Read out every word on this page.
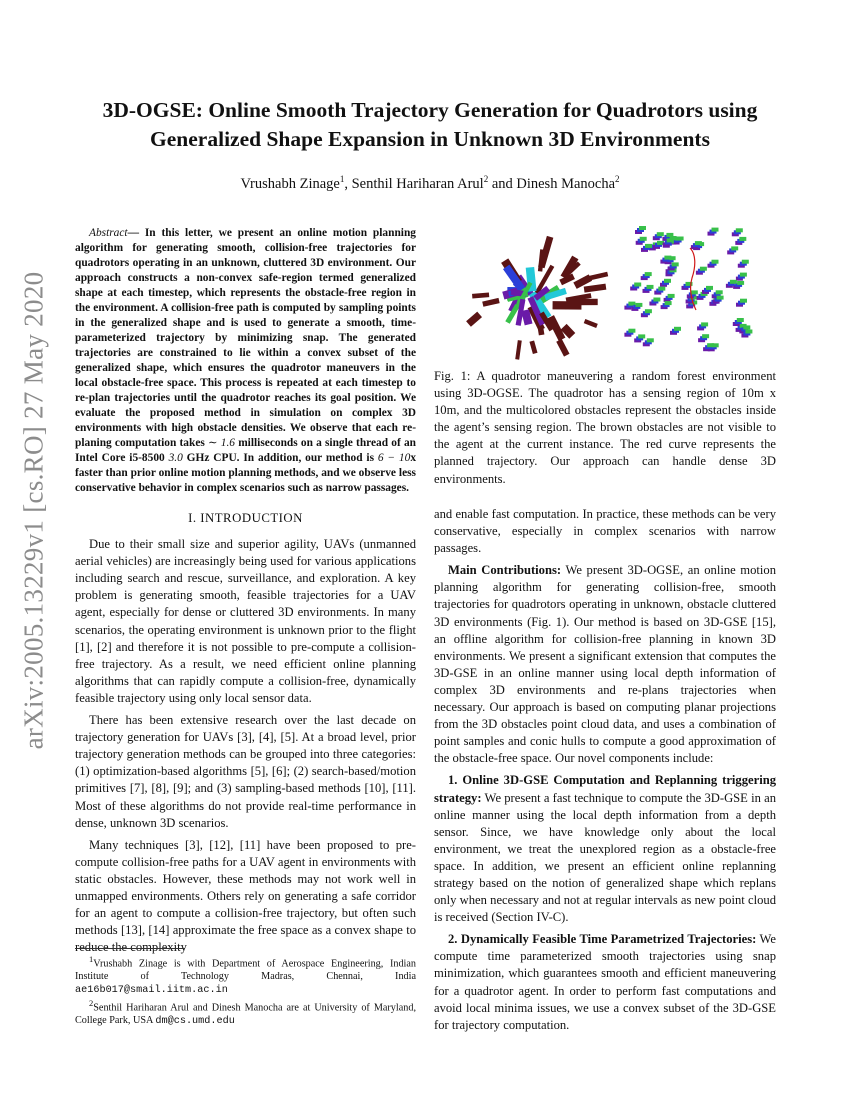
arXiv:2005.13229v1 [cs.RO] 27 May 2020
3D-OGSE: Online Smooth Trajectory Generation for Quadrotors using Generalized Shape Expansion in Unknown 3D Environments
Vrushabh Zinage$^1$, Senthil Hariharan Arul$^2$ and Dinesh Manocha$^2$

Abstract— In this letter, we present an online motion planning algorithm for generating smooth, collision-free trajectories for quadrotors operating in an unknown, cluttered 3D environment. Our approach constructs a non-convex safe-region termed generalized shape at each timestep, which represents the obstacle-free region in the environment. A collision-free path is computed by sampling points in the generalized shape and is used to generate a smooth, time-parameterized trajectory by minimizing snap. The generated trajectories are constrained to lie within a convex subset of the generalized shape, which ensures the quadrotor maneuvers in the local obstacle-free space. This process is repeated at each timestep to re-plan trajectories until the quadrotor reaches its goal position. We evaluate the proposed method in simulation on complex 3D environments with high obstacle densities. We observe that each re-planing computation takes ∼ 1.6 milliseconds on a single thread of an Intel Core i5-8500 3.0 GHz CPU. In addition, our method is 6 − 10x faster than prior online motion planning methods, and we observe less conservative behavior in complex scenarios such as narrow passages.

I. INTRODUCTION

Due to their small size and superior agility, UAVs (unmanned aerial vehicles) are increasingly being used for various applications including search and rescue, surveillance, and exploration. A key problem is generating smooth, feasible trajectories for a UAV agent, especially for dense or cluttered 3D environments. In many scenarios, the operating environment is unknown prior to the flight [1], [2] and therefore it is not possible to pre-compute a collision-free trajectory. As a result, we need efficient online planning algorithms that can rapidly compute a collision-free, dynamically feasible trajectory using only local sensor data.

There has been extensive research over the last decade on trajectory generation for UAVs [3], [4], [5]. At a broad level, prior trajectory generation methods can be grouped into three categories: (1) optimization-based algorithms [5], [6]; (2) search-based/motion primitives [7], [8], [9]; and (3) sampling-based methods [10], [11]. Most of these algorithms do not provide real-time performance in dense, unknown 3D scenarios.

Many techniques [3], [12], [11] have been proposed to pre-compute collision-free paths for a UAV agent in environments with static obstacles. However, these methods may not work well in unmapped environments. Others rely on generating a safe corridor for an agent to compute a collision-free trajectory, but often such methods [13], [14] approximate the free space as a convex shape to reduce the complexity

$^1$Vrushabh Zinage is with Department of Aerospace Engineering, Indian Institute of Technology Madras, Chennai, India ae16b017@smail.iitm.ac.in

$^2$Senthil Hariharan Arul and Dinesh Manocha are at University of Maryland, College Park, USA dm@cs.umd.edu

Fig. 1: A quadrotor maneuvering a random forest environment using 3D-OGSE. The quadrotor has a sensing region of 10m x 10m, and the multicolored obstacles represent the obstacles inside the agent’s sensing region. The brown obstacles are not visible to the agent at the current instance. The red curve represents the planned trajectory. Our approach can handle dense 3D environments.

and enable fast computation. In practice, these methods can be very conservative, especially in complex scenarios with narrow passages.

Main Contributions: We present 3D-OGSE, an online motion planning algorithm for generating collision-free, smooth trajectories for quadrotors operating in unknown, obstacle cluttered 3D environments (Fig. 1). Our method is based on 3D-GSE [15], an offline algorithm for collision-free planning in known 3D environments. We present a significant extension that computes the 3D-GSE in an online manner using local depth information of complex 3D environments and re-plans trajectories when necessary. Our approach is based on computing planar projections from the 3D obstacles point cloud data, and uses a combination of point samples and conic hulls to compute a good approximation of the obstacle-free space. Our novel components include:

1. Online 3D-GSE Computation and Replanning triggering strategy: We present a fast technique to compute the 3D-GSE in an online manner using the local depth information from a depth sensor. Since, we have knowledge only about the local environment, we treat the unexplored region as a obstacle-free space. In addition, we present an efficient online replanning strategy based on the notion of generalized shape which replans only when necessary and not at regular intervals as new point cloud is received (Section IV-C).

2. Dynamically Feasible Time Parametrized Trajectories: We compute time parameterized smooth trajectories using snap minimization, which guarantees smooth and efficient maneuvering for a quadrotor agent. In order to perform fast computations and avoid local minima issues, we use a convex subset of the 3D-GSE for trajectory computation.
